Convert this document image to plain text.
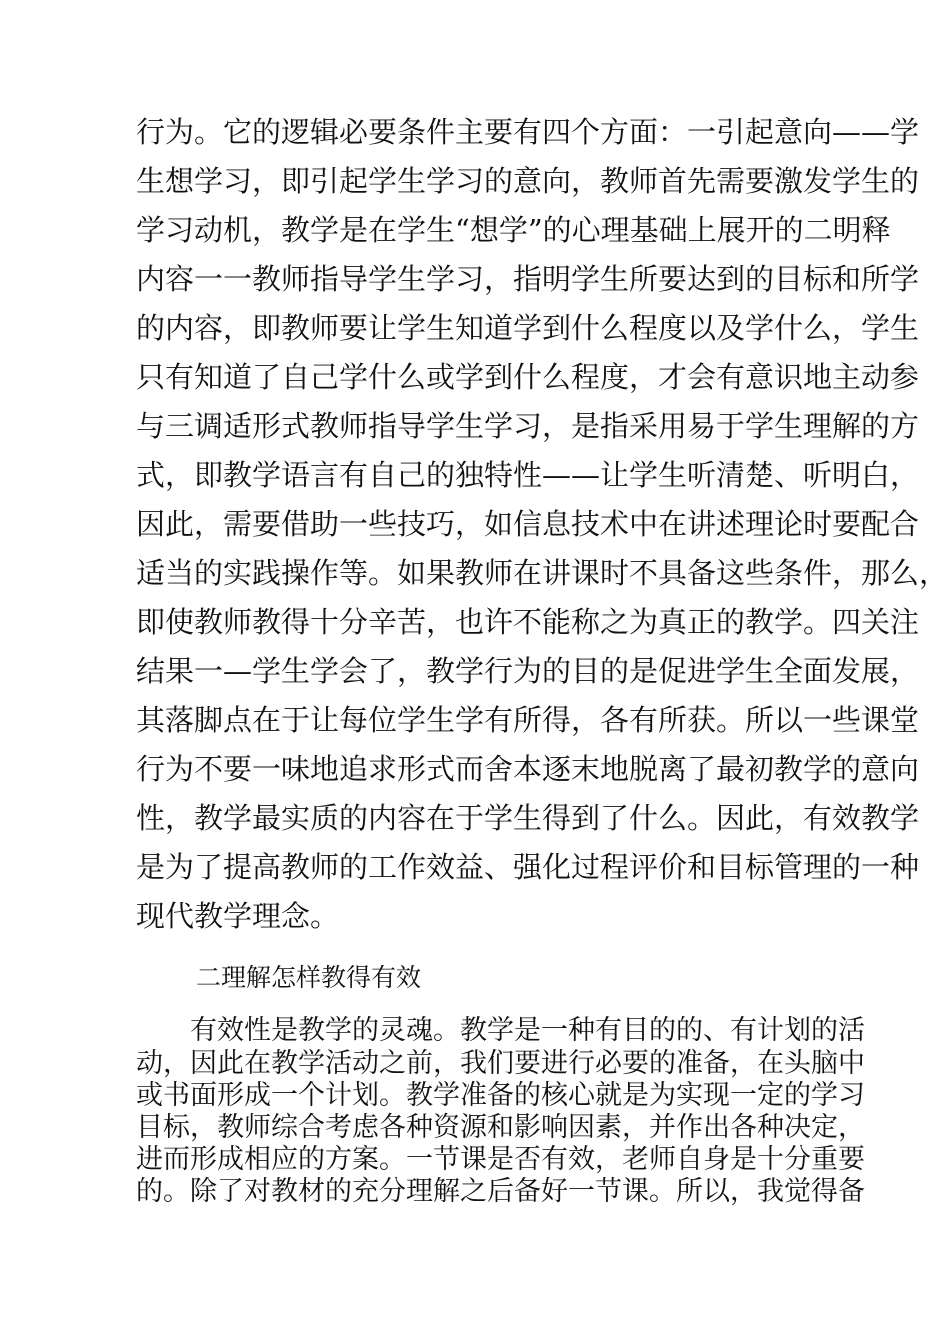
行为。它的逻辑必要条件主要有四个方面：一引起意向——学
生想学习，即引起学生学习的意向，教师首先需要激发学生的
学习动机，教学是在学生“想学”的心理基础上展开的二明释
内容一一教师指导学生学习，指明学生所要达到的目标和所学
的内容，即教师要让学生知道学到什么程度以及学什么，学生
只有知道了自己学什么或学到什么程度，才会有意识地主动参
与三调适形式教师指导学生学习，是指采用易于学生理解的方
式，即教学语言有自己的独特性——让学生听清楚、听明白，
因此，需要借助一些技巧，如信息技术中在讲述理论时要配合
适当的实践操作等。如果教师在讲课时不具备这些条件，那么，
即使教师教得十分辛苦，也许不能称之为真正的教学。四关注
结果一—学生学会了，教学行为的目的是促进学生全面发展，
其落脚点在于让每位学生学有所得，各有所获。所以一些课堂
行为不要一味地追求形式而舍本逐末地脱离了最初教学的意向
性，教学最实质的内容在于学生得到了什么。因此，有效教学
是为了提高教师的工作效益、强化过程评价和目标管理的一种
现代教学理念。
二理解怎样教得有效
有效性是教学的灵魂。教学是一种有目的的、有计划的活
动，因此在教学活动之前，我们要进行必要的准备，在头脑中
或书面形成一个计划。教学准备的核心就是为实现一定的学习
目标，教师综合考虑各种资源和影响因素，并作出各种决定，
进而形成相应的方案。一节课是否有效，老师自身是十分重要
的。除了对教材的充分理解之后备好一节课。所以，我觉得备
